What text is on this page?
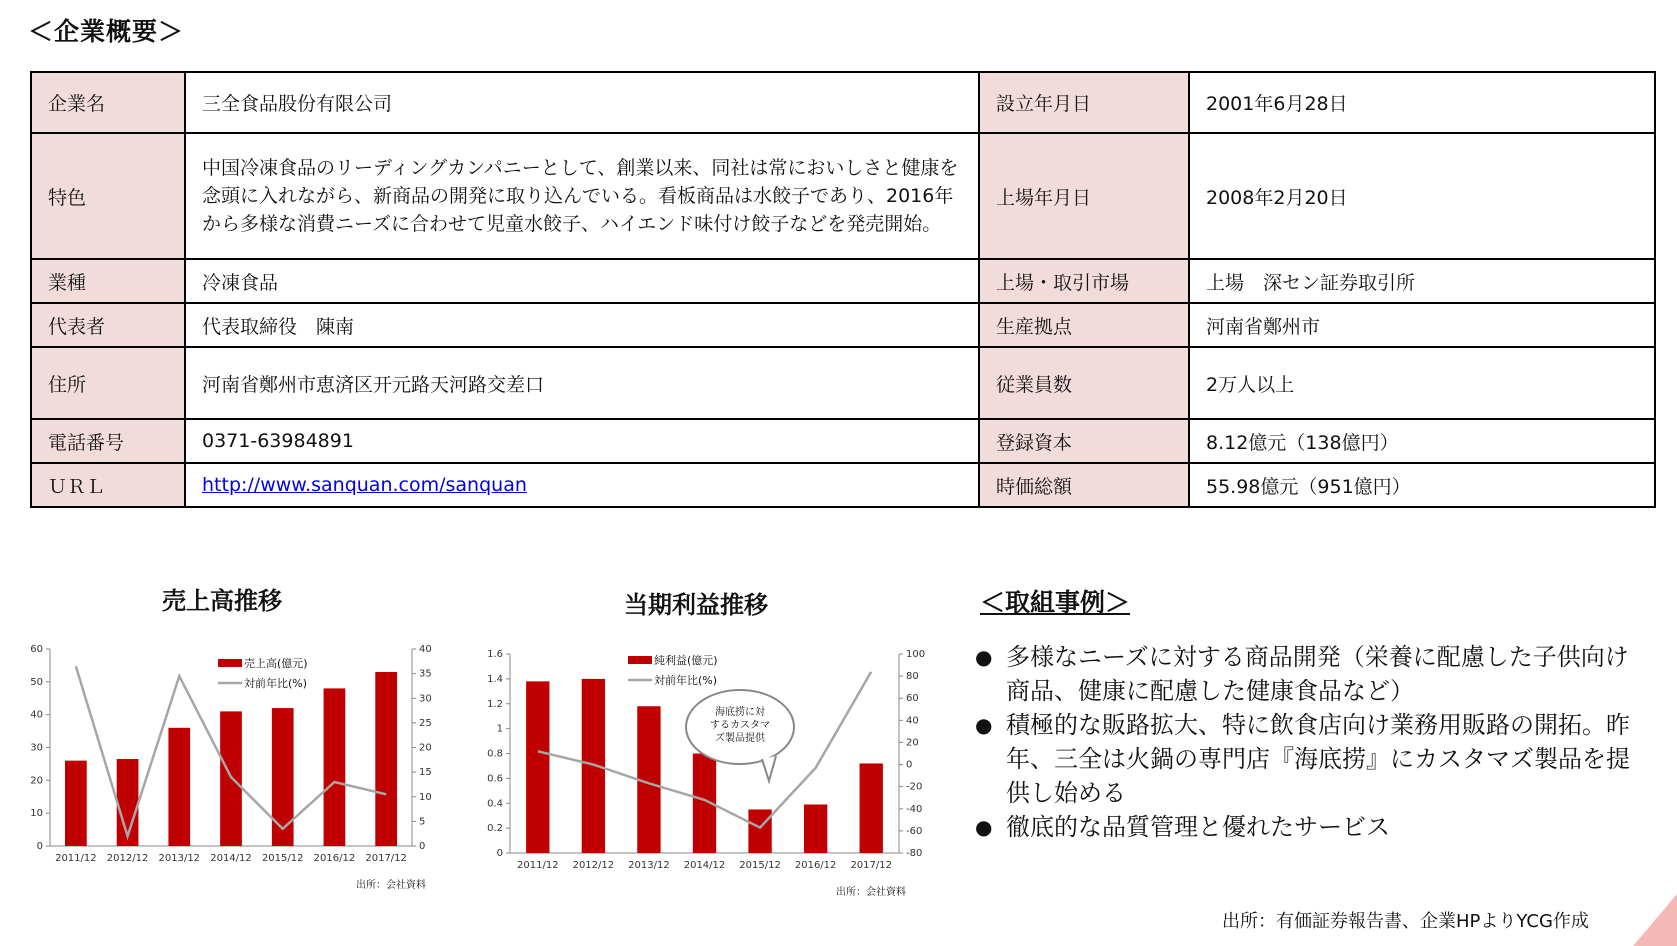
＜企業概要＞
企業名	三全食品股份有限公司	設立年月日	2001年6月28日
特色	中国冷凍食品のリーディングカンパニーとして、創業以来、同社は常においしさと健康を念頭に入れながら、新商品の開発に取り込んでいる。看板商品は水餃子であり、2016年から多様な消費ニーズに合わせて児童水餃子、ハイエンド味付け餃子などを発売開始。	上場年月日	2008年2月20日
業種	冷凍食品	上場・取引市場	上場　深セン証券取引所
代表者	代表取締役　陳南	生産拠点	河南省鄭州市
住所	河南省鄭州市恵済区开元路天河路交差口	従業員数	2万人以上
電話番号	0371-63984891	登録資本	8.12億元（138億円）
ＵＲＬ	http://www.sanquan.com/sanquan	時価総額	55.98億元（951億円）
売上高推移
0
10
20
30
40
50
60
0
5
10
15
20
25
30
35
40
2011/12 2012/12 2013/12 2014/12 2015/12 2016/12 2017/12
売上高(億元)
対前年比(%)
出所：会社資料
当期利益推移
0
0.2
0.4
0.6
0.8
1
1.2
1.4
1.6
-80
-60
-40
-20
0
20
40
60
80
100
2011/12 2012/12 2013/12 2014/12 2015/12 2016/12 2017/12
純利益(億元)
対前年比(%)
出所：会社資料
海底捞に対
するカスタマ
ズ製品提供
＜取組事例＞
● 多様なニーズに対する商品開発（栄養に配慮した子供向け商品、健康に配慮した健康食品など）
● 積極的な販路拡大、特に飲食店向け業務用販路の開拓。昨年、三全は火鍋の専門店『海底捞』にカスタマズ製品を提供し始める
● 徹底的な品質管理と優れたサービス
出所：有価証券報告書、企業HPよりYCG作成
